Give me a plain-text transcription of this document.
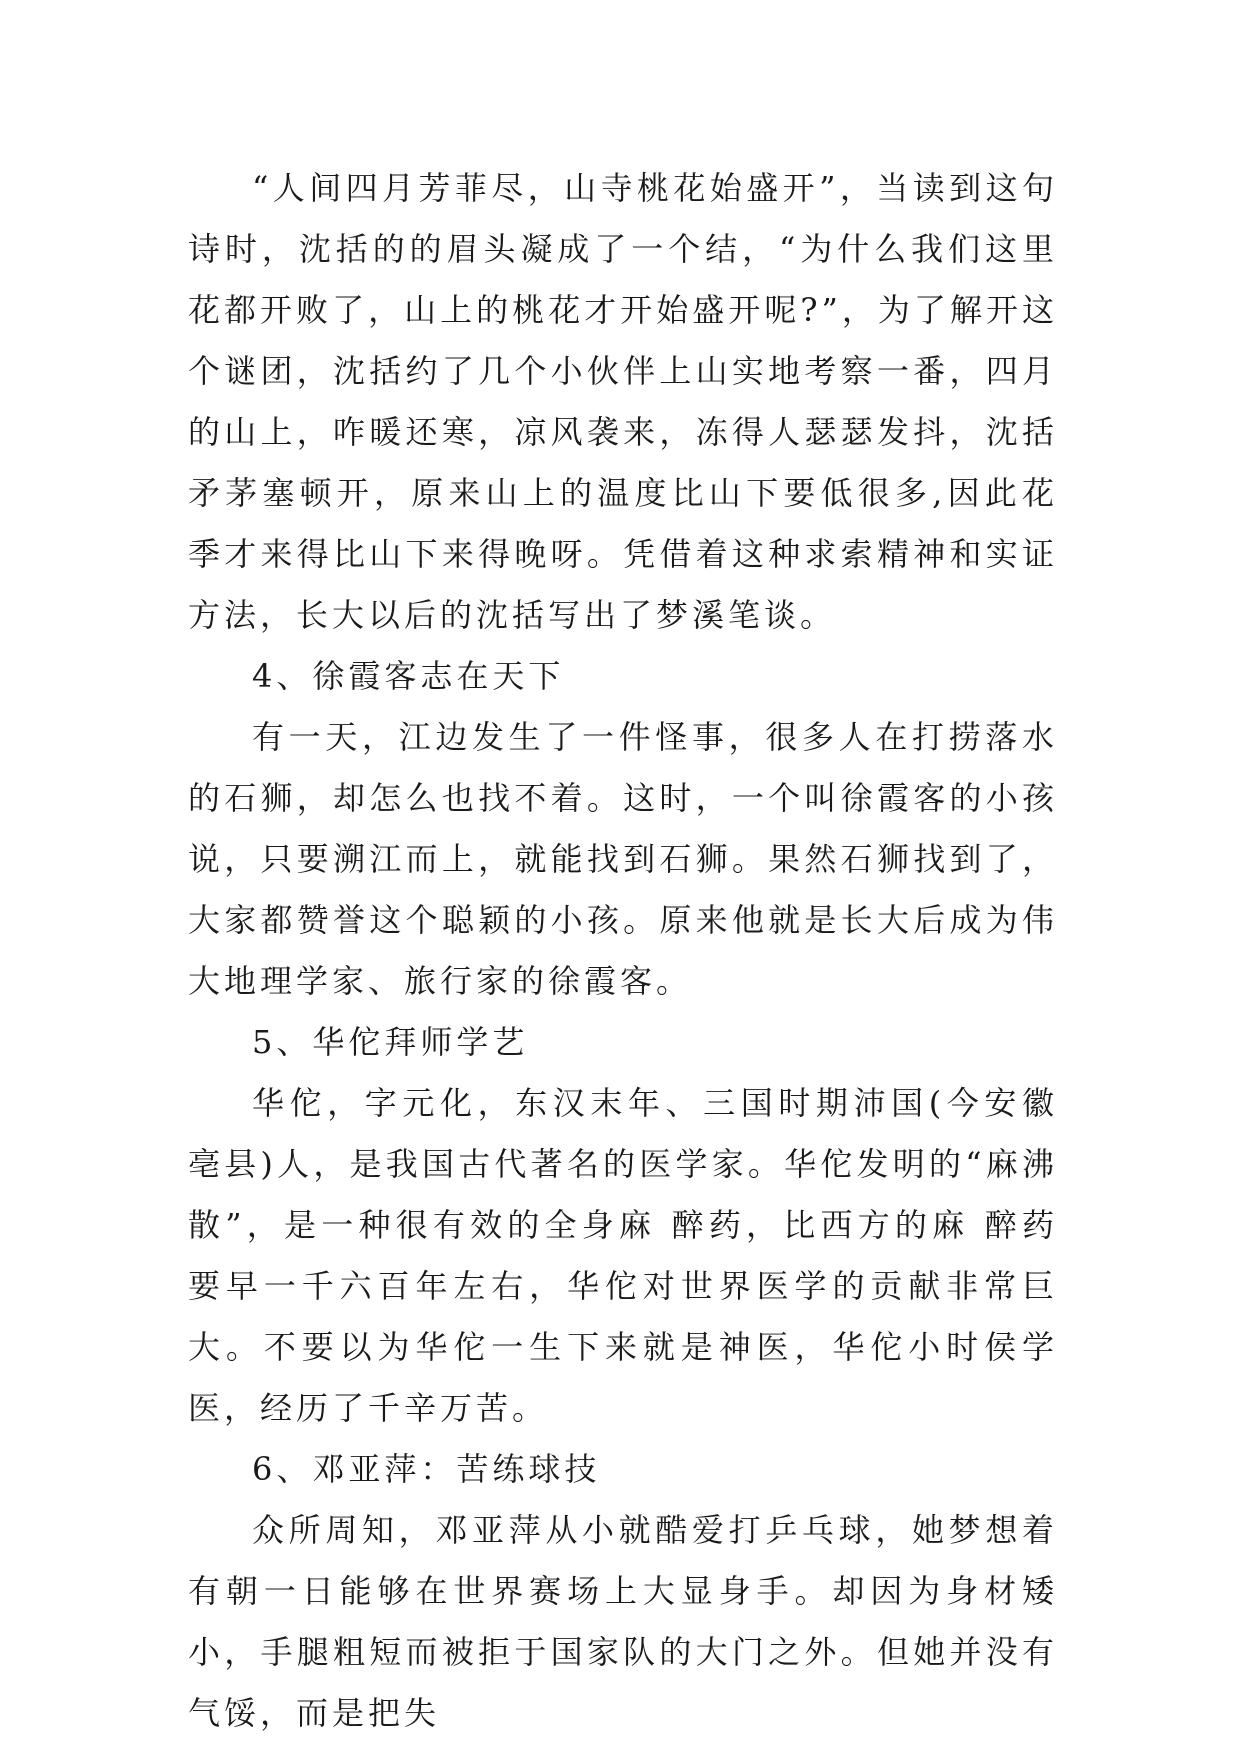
“人间四月芳菲尽，山寺桃花始盛开”，当读到这句诗时，沈括的的眉头凝成了一个结，“为什么我们这里花都开败了，山上的桃花才开始盛开呢?”，为了解开这个谜团，沈括约了几个小伙伴上山实地考察一番，四月的山上，咋暖还寒，凉风袭来，冻得人瑟瑟发抖，沈括矛茅塞顿开，原来山上的温度比山下要低很多,因此花季才来得比山下来得晚呀。凭借着这种求索精神和实证方法，长大以后的沈括写出了梦溪笔谈。

4、徐霞客志在天下

有一天，江边发生了一件怪事，很多人在打捞落水的石狮，却怎么也找不着。这时，一个叫徐霞客的小孩说，只要溯江而上，就能找到石狮。果然石狮找到了，大家都赞誉这个聪颖的小孩。原来他就是长大后成为伟大地理学家、旅行家的徐霞客。

5、华佗拜师学艺

华佗，字元化，东汉末年、三国时期沛国(今安徽亳县)人，是我国古代著名的医学家。华佗发明的“麻沸散”，是一种很有效的全身麻 醉药，比西方的麻 醉药要早一千六百年左右，华佗对世界医学的贡献非常巨大。不要以为华佗一生下来就是神医，华佗小时侯学医，经历了千辛万苦。

6、邓亚萍：苦练球技

众所周知，邓亚萍从小就酷爱打乒乓球，她梦想着有朝一日能够在世界赛场上大显身手。却因为身材矮小，手腿粗短而被拒于国家队的大门之外。但她并没有气馁，而是把失
